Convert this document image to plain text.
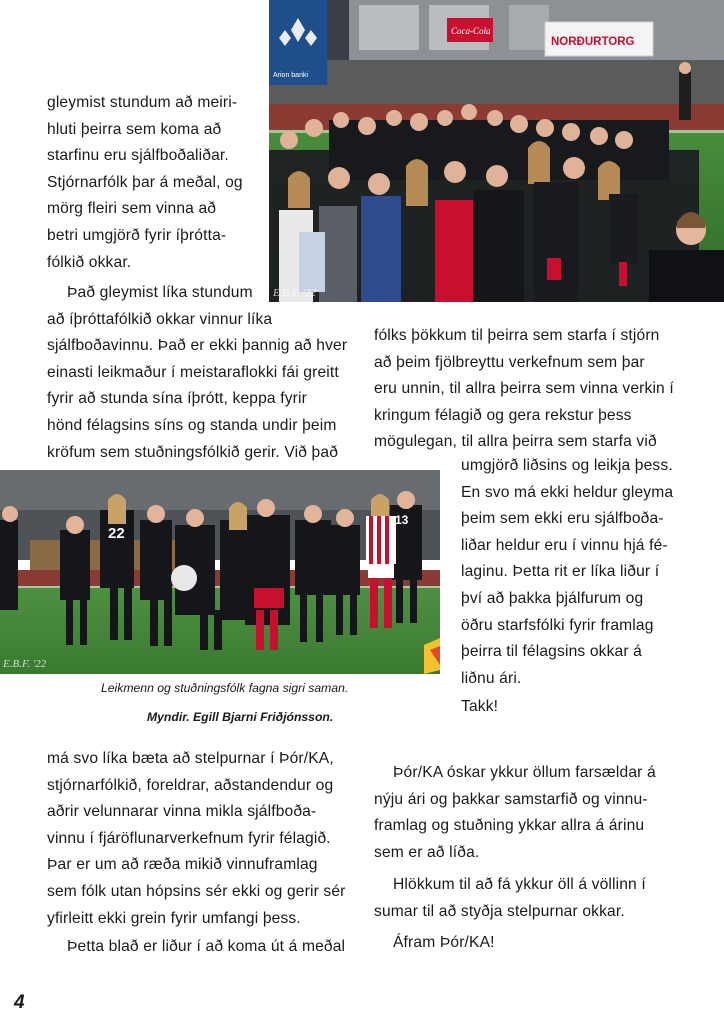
Arion banki
Coca-Cola
NORÐURTORG
E.B.F. '22
gleymist stundum að meiri-
hluti þeirra sem koma að
starfinu eru sjálfboðaliðar.
Stjórnarfólk þar á meðal, og
mörg fleiri sem vinna að
betri umgjörð fyrir íþrótta-
fólkið okkar.
Það gleymist líka stundum
að íþróttafólkið okkar vinnur líka
sjálfboðavinnu. Það er ekki þannig að hver
einasti leikmaður í meistaraflokki fái greitt
fyrir að stunda sína íþrótt, keppa fyrir
hönd félagsins síns og standa undir þeim
kröfum sem stuðningsfólkið gerir. Við það
fólks þökkum til þeirra sem starfa í stjórn
að þeim fjölbreyttu verkefnum sem þar
eru unnin, til allra þeirra sem vinna verkin í
kringum félagið og gera rekstur þess
mögulegan, til allra þeirra sem starfa við
22
13
E.B.F. '22
umgjörð liðsins og leikja þess.
En svo má ekki heldur gleyma
þeim sem ekki eru sjálfboða-
liðar heldur eru í vinnu hjá fé-
laginu. Þetta rit er líka liður í
því að þakka þjálfurum og
öðru starfsfólki fyrir framlag
þeirra til félagsins okkar á
liðnu ári.
Takk!
Leikmenn og stuðningsfólk fagna sigri saman.
Myndir. Egill Bjarni Friðjónsson.
má svo líka bæta að stelpurnar í Þór/KA,
stjórnarfólkið, foreldrar, aðstandendur og
aðrir velunnarar vinna mikla sjálfboða-
vinnu í fjáröflunarverkefnum fyrir félagið.
Þar er um að ræða mikið vinnuframlag
sem fólk utan hópsins sér ekki og gerir sér
yfirleitt ekki grein fyrir umfangi þess.
Þetta blað er liður í að koma út á meðal
Þór/KA óskar ykkur öllum farsældar á
nýju ári og þakkar samstarfið og vinnu-
framlag og stuðning ykkar allra á árinu
sem er að líða.
Hlökkum til að fá ykkur öll á völlinn í
sumar til að styðja stelpurnar okkar.
Áfram Þór/KA!
4
